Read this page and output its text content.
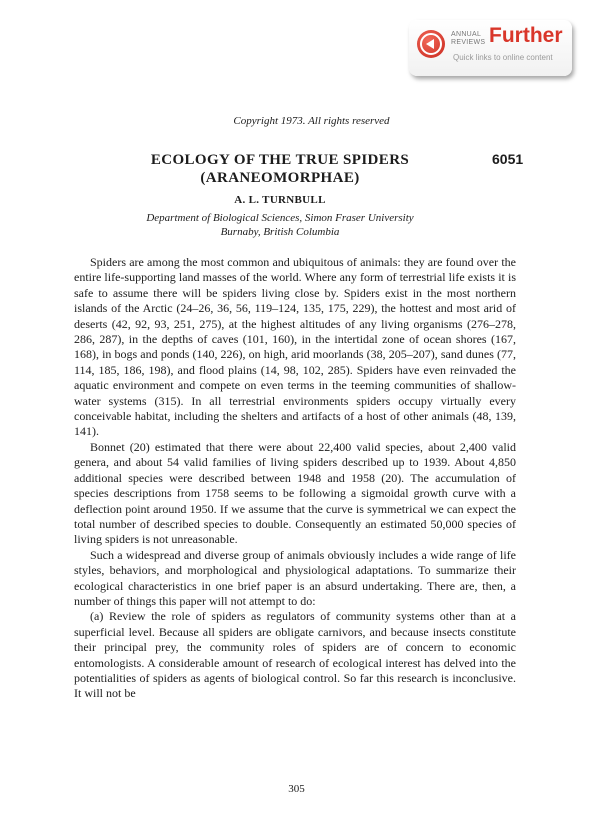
ANNUAL
REVIEWS Further
Quick links to online content
Copyright 1973. All rights reserved
6051
ECOLOGY OF THE TRUE SPIDERS
(ARANEOMORPHAE)
A. L. TURNBULL
Department of Biological Sciences, Simon Fraser University
Burnaby, British Columbia

Spiders are among the most common and ubiquitous of animals: they are found over the entire life-supporting land masses of the world. Where any form of terrestrial life exists it is safe to assume there will be spiders living close by. Spiders exist in the most northern islands of the Arctic (24–26, 36, 56, 119–124, 135, 175, 229), the hottest and most arid of deserts (42, 92, 93, 251, 275), at the highest altitudes of any living organisms (276–278, 286, 287), in the depths of caves (101, 160), in the intertidal zone of ocean shores (167, 168), in bogs and ponds (140, 226), on high, arid moorlands (38, 205–207), sand dunes (77, 114, 185, 186, 198), and flood plains (14, 98, 102, 285). Spiders have even reinvaded the aquatic environment and compete on even terms in the teeming communities of shallow-water systems (315). In all terrestrial environments spiders occupy virtually every conceivable habitat, including the shelters and artifacts of a host of other animals (48, 139, 141).

Bonnet (20) estimated that there were about 22,400 valid species, about 2,400 valid genera, and about 54 valid families of living spiders described up to 1939. About 4,850 additional species were described between 1948 and 1958 (20). The accumulation of species descriptions from 1758 seems to be following a sigmoidal growth curve with a deflection point around 1950. If we assume that the curve is symmetrical we can expect the total number of described species to double. Consequently an estimated 50,000 species of living spiders is not unreasonable.

Such a widespread and diverse group of animals obviously includes a wide range of life styles, behaviors, and morphological and physiological adaptations. To summarize their ecological characteristics in one brief paper is an absurd undertaking. There are, then, a number of things this paper will not attempt to do:

(a) Review the role of spiders as regulators of community systems other than at a superficial level. Because all spiders are obligate carnivors, and because insects constitute their principal prey, the community roles of spiders are of concern to economic entomologists. A considerable amount of research of ecological interest has delved into the potentialities of spiders as agents of biological control. So far this research is inconclusive. It will not be

305
